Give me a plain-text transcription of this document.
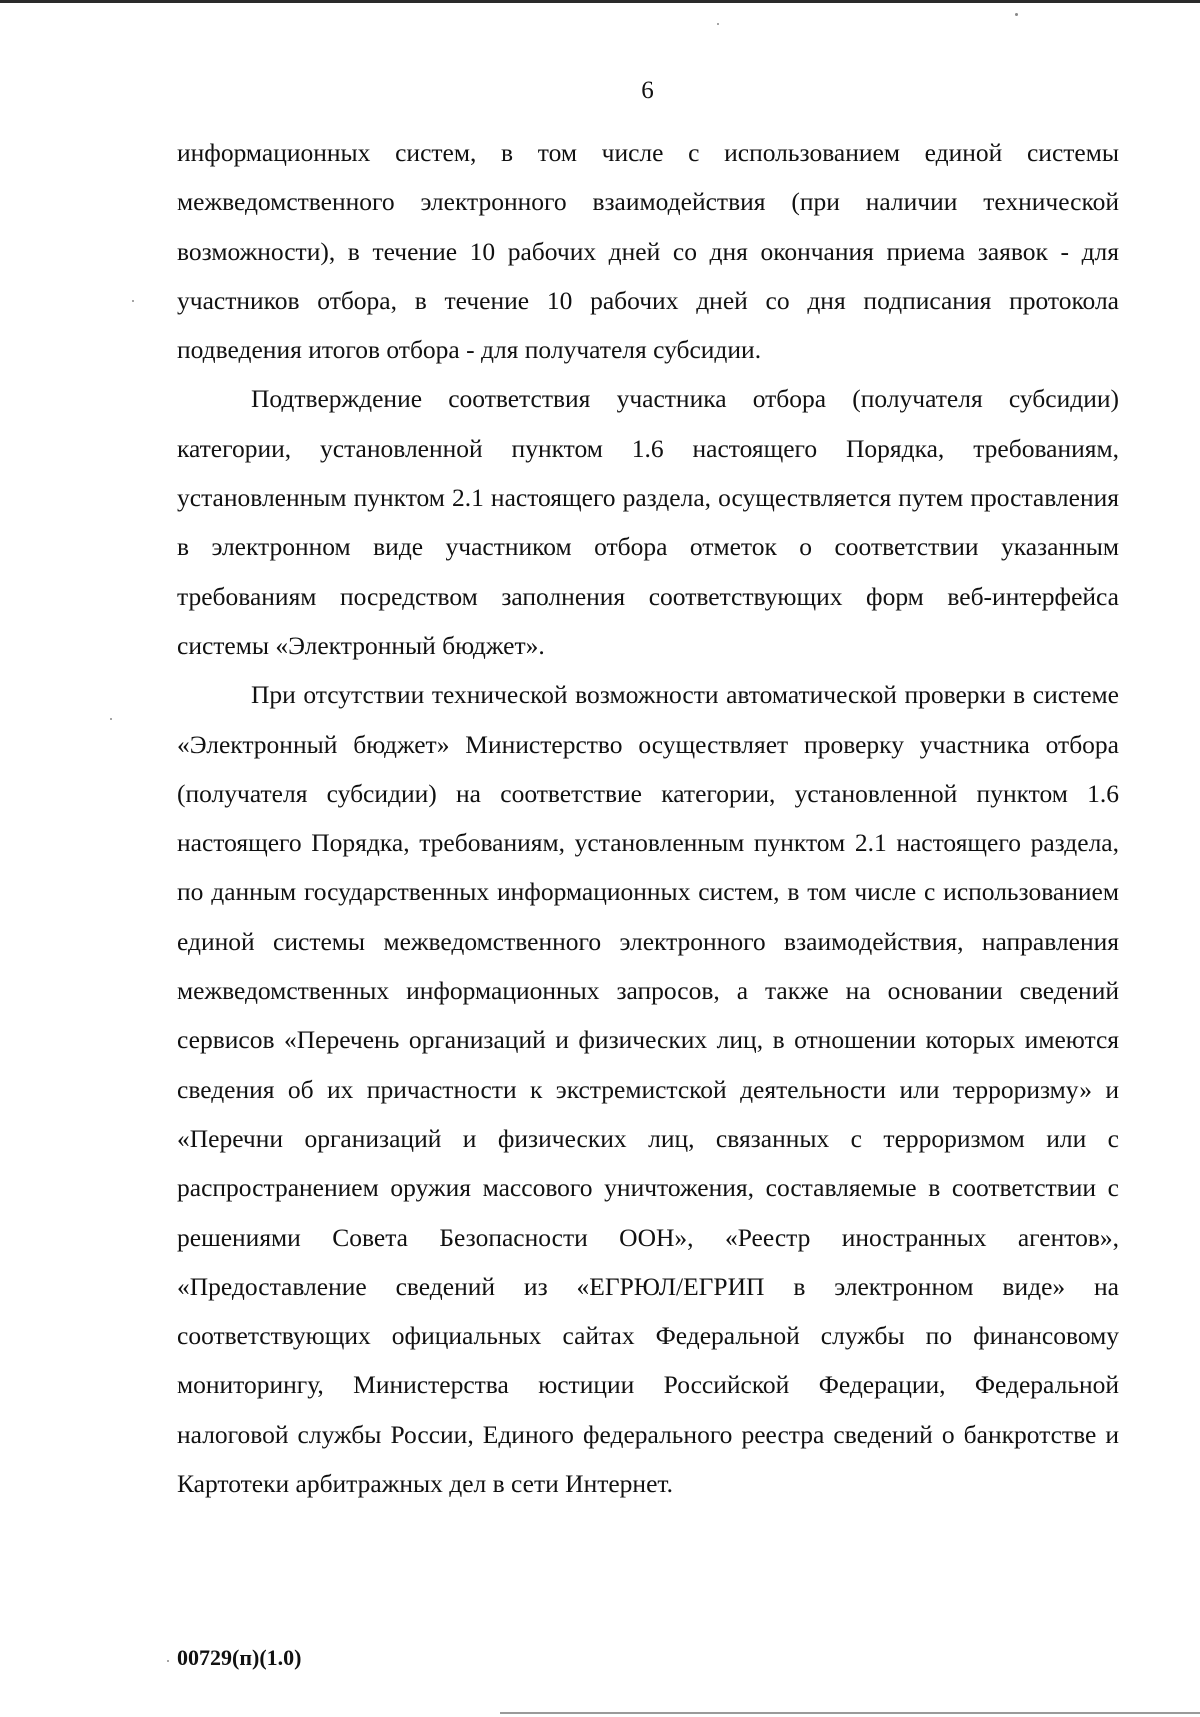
6

информационных систем, в том числе с использованием единой системы межведомственного электронного взаимодействия (при наличии технической возможности), в течение 10 рабочих дней со дня окончания приема заявок - для участников отбора, в течение 10 рабочих дней со дня подписания протокола подведения итогов отбора - для получателя субсидии.

Подтверждение соответствия участника отбора (получателя субсидии) категории, установленной пунктом 1.6 настоящего Порядка, требованиям, установленным пунктом 2.1 настоящего раздела, осуществляется путем проставления в электронном виде участником отбора отметок о соответствии указанным требованиям посредством заполнения соответствующих форм веб-интерфейса системы «Электронный бюджет».

При отсутствии технической возможности автоматической проверки в системе «Электронный бюджет» Министерство осуществляет проверку участника отбора (получателя субсидии) на соответствие категории, установленной пунктом 1.6 настоящего Порядка, требованиям, установленным пунктом 2.1 настоящего раздела, по данным государственных информационных систем, в том числе с использованием единой системы межведомственного электронного взаимодействия, направления межведомственных информационных запросов, а также на основании сведений сервисов «Перечень организаций и физических лиц, в отношении которых имеются сведения об их причастности к экстремистской деятельности или терроризму» и «Перечни организаций и физических лиц, связанных с терроризмом или с распространением оружия массового уничтожения, составляемые в соответствии с решениями Совета Безопасности ООН», «Реестр иностранных агентов», «Предоставление сведений из «ЕГРЮЛ/ЕГРИП в электронном виде» на соответствующих официальных сайтах Федеральной службы по финансовому мониторингу, Министерства юстиции Российской Федерации, Федеральной налоговой службы России, Единого федерального реестра сведений о банкротстве и Картотеки арбитражных дел в сети Интернет.

00729(п)(1.0)
